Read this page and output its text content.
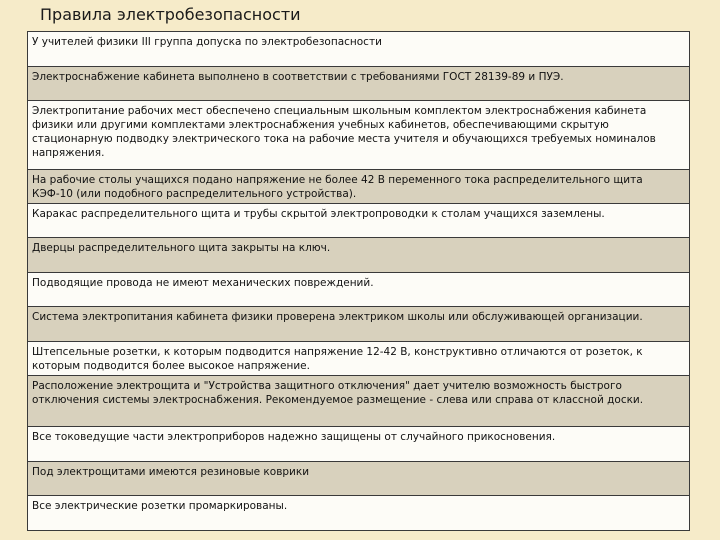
Правила электробезопасности
У учителей физики III группа допуска по электробезопасности
Электроснабжение кабинета выполнено в соответствии с требованиями ГОСТ 28139-89 и ПУЭ.
Электропитание рабочих мест обеспечено специальным школьным комплектом электроснабжения кабинета физики или другими комплектами электроснабжения учебных кабинетов, обеспечивающими скрытую стационарную подводку электрического тока на рабочие места учителя и обучающихся требуемых номиналов напряжения.
На рабочие столы учащихся подано напряжение не более 42 В переменного тока распределительного щита КЭФ-10 (или подобного распределительного устройства).
Каракас распределительного щита и трубы скрытой электропроводки к столам учащихся заземлены.
Дверцы распределительного щита закрыты на ключ.
Подводящие провода не имеют механических повреждений.
Система электропитания кабинета физики проверена электриком школы или обслуживающей организации.
Штепсельные розетки, к которым подводится напряжение 12-42 В, конструктивно отличаются от розеток, к которым подводится более высокое напряжение.
Расположение электрощита и "Устройства защитного отключения" дает учителю возможность быстрого отключения системы электроснабжения. Рекомендуемое размещение - слева или справа от классной доски.
Все токоведущие части электроприборов надежно защищены от случайного прикосновения.
Под электрощитами имеются резиновые коврики
Все электрические розетки промаркированы.
